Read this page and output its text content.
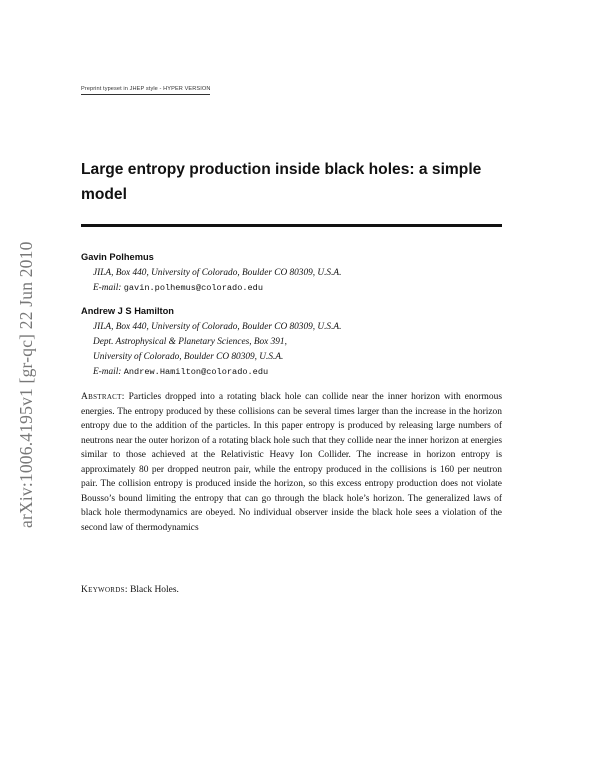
arXiv:1006.4195v1 [gr-qc] 22 Jun 2010
Preprint typeset in JHEP style - HYPER VERSION
Large entropy production inside black holes: a simple model
Gavin Polhemus
JILA, Box 440, University of Colorado, Boulder CO 80309, U.S.A.
E-mail: gavin.polhemus@colorado.edu
Andrew J S Hamilton
JILA, Box 440, University of Colorado, Boulder CO 80309, U.S.A.
Dept. Astrophysical & Planetary Sciences, Box 391,
University of Colorado, Boulder CO 80309, U.S.A.
E-mail: Andrew.Hamilton@colorado.edu

Abstract: Particles dropped into a rotating black hole can collide near the inner horizon with enormous energies. The entropy produced by these collisions can be several times larger than the increase in the horizon entropy due to the addition of the particles. In this paper entropy is produced by releasing large numbers of neutrons near the outer horizon of a rotating black hole such that they collide near the inner horizon at energies similar to those achieved at the Relativistic Heavy Ion Collider. The increase in horizon entropy is approximately 80 per dropped neutron pair, while the entropy produced in the collisions is 160 per neutron pair. The collision entropy is produced inside the horizon, so this excess entropy production does not violate Bousso’s bound limiting the entropy that can go through the black hole’s horizon. The generalized laws of black hole thermodynamics are obeyed. No individual observer inside the black hole sees a violation of the second law of thermodynamics

Keywords: Black Holes.
